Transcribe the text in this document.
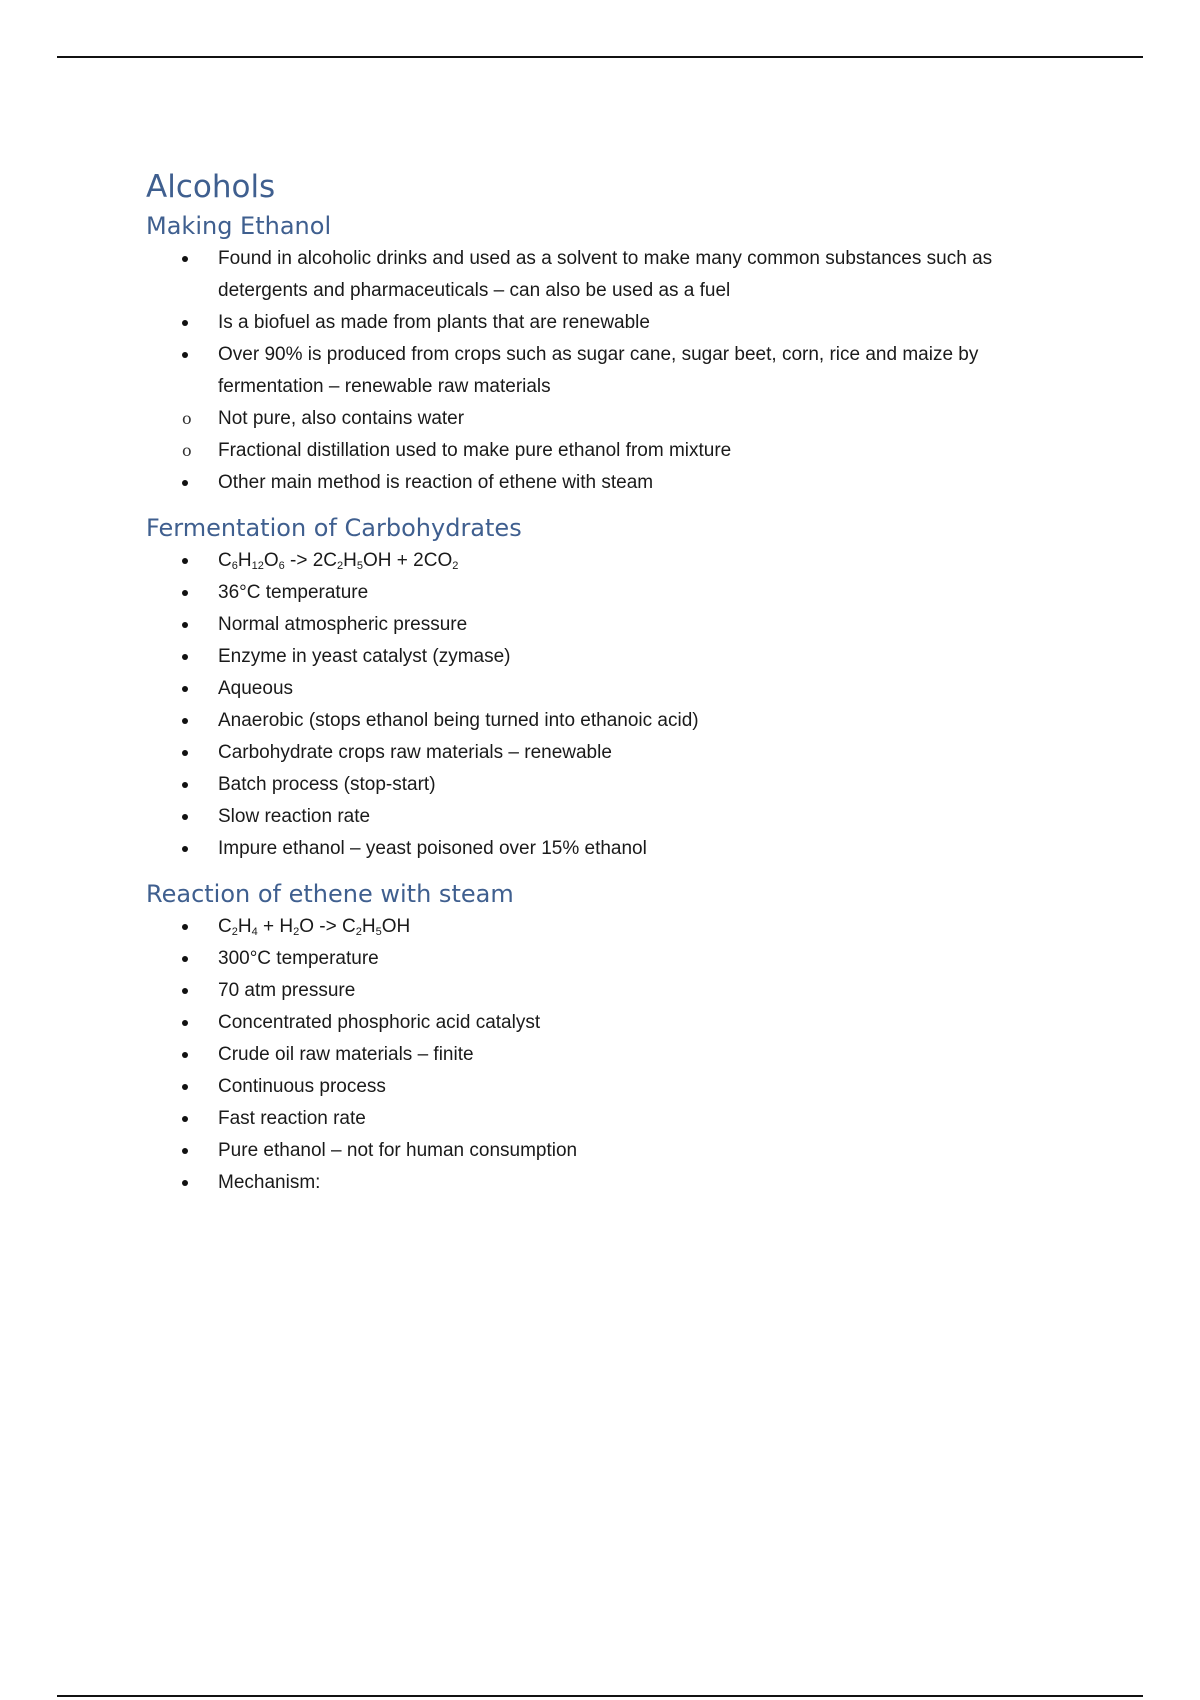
Alcohols
Making Ethanol
Found in alcoholic drinks and used as a solvent to make many common substances such as detergents and pharmaceuticals – can also be used as a fuel
Is a biofuel as made from plants that are renewable
Over 90% is produced from crops such as sugar cane, sugar beet, corn, rice and maize by fermentation – renewable raw materials
o Not pure, also contains water
o Fractional distillation used to make pure ethanol from mixture
Other main method is reaction of ethene with steam
Fermentation of Carbohydrates
$C_6H_{12}O_6 -> 2C_2H_5OH + 2CO_2$
36°C temperature
Normal atmospheric pressure
Enzyme in yeast catalyst (zymase)
Aqueous
Anaerobic (stops ethanol being turned into ethanoic acid)
Carbohydrate crops raw materials – renewable
Batch process (stop-start)
Slow reaction rate
Impure ethanol – yeast poisoned over 15% ethanol
Reaction of ethene with steam
$C_2H_4 + H_2O -> C_2H_5OH$
300°C temperature
70 atm pressure
Concentrated phosphoric acid catalyst
Crude oil raw materials – finite
Continuous process
Fast reaction rate
Pure ethanol – not for human consumption
Mechanism:
